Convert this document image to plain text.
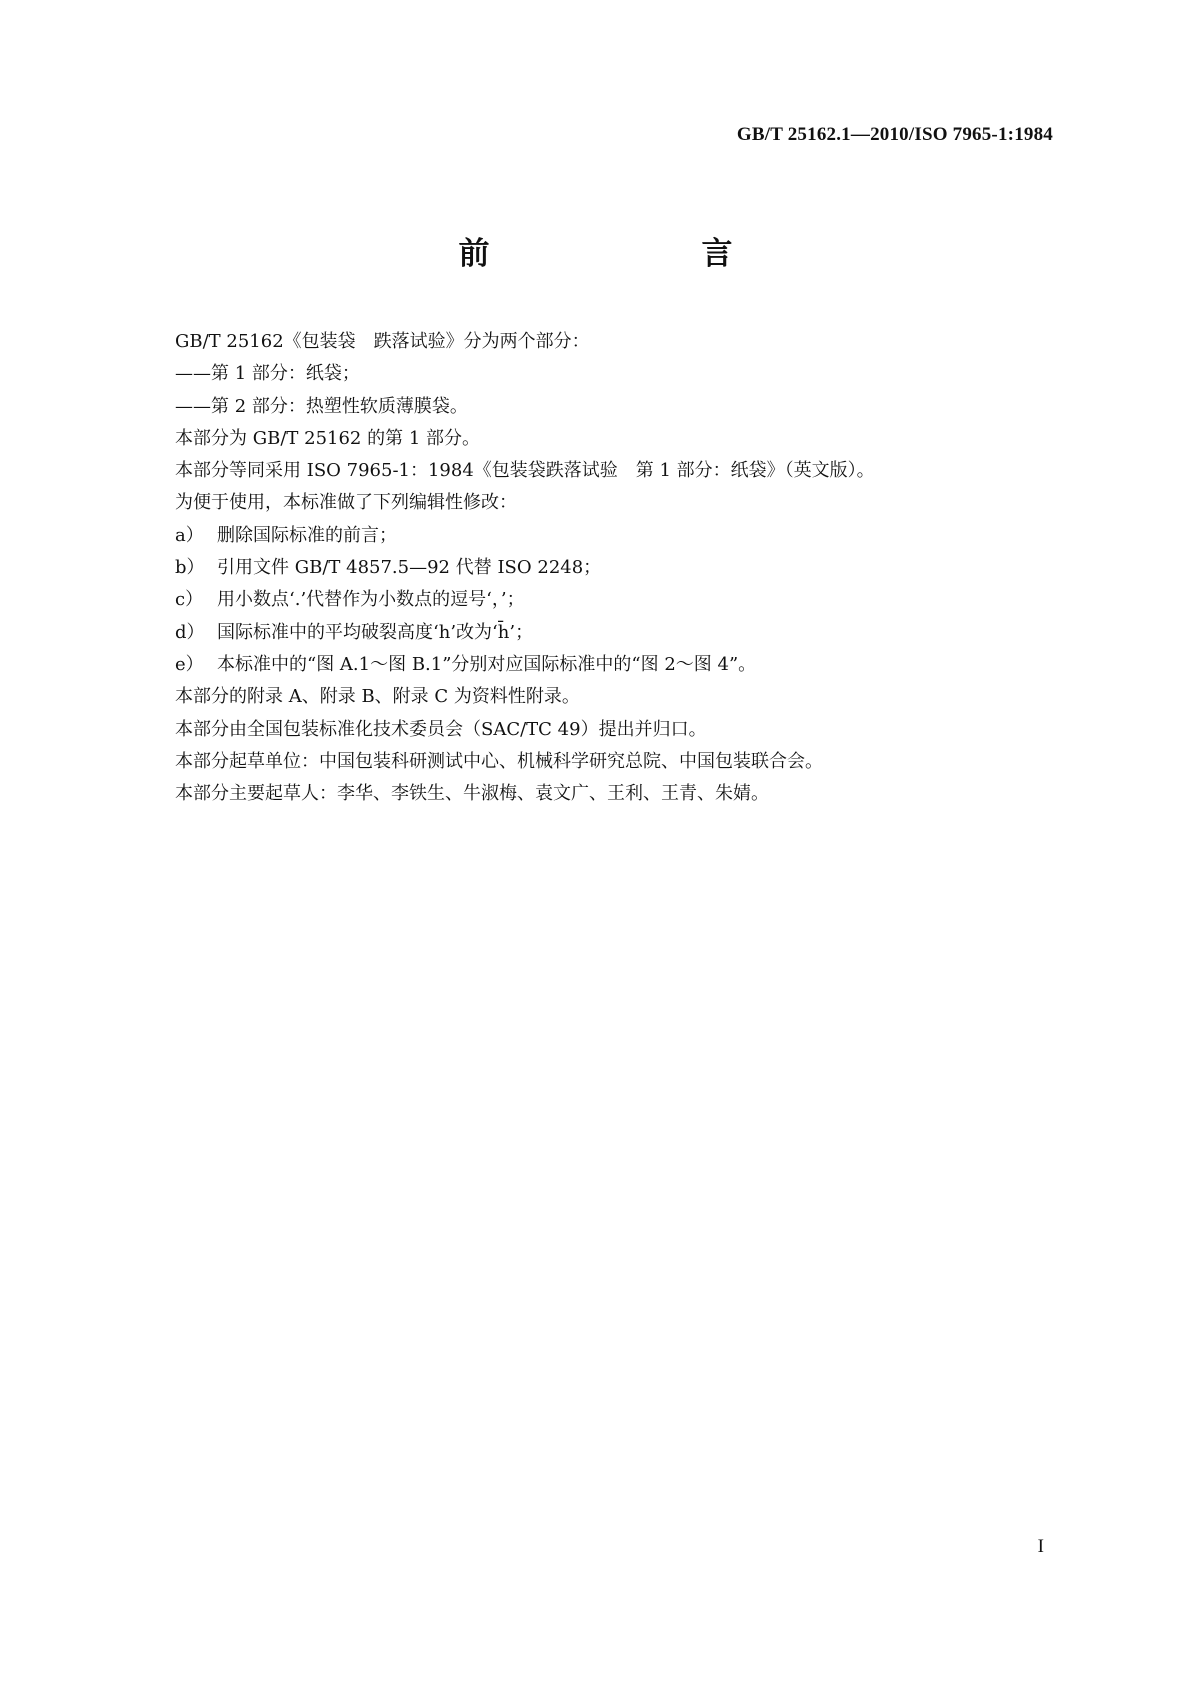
GB/T 25162.1—2010/ISO 7965-1:1984
前　　言
GB/T 25162《包装袋　跌落试验》分为两个部分：
——第 1 部分：纸袋；
——第 2 部分：热塑性软质薄膜袋。
本部分为 GB/T 25162 的第 1 部分。
本部分等同采用 ISO 7965-1：1984《包装袋跌落试验　第 1 部分：纸袋》（英文版）。
为便于使用，本标准做了下列编辑性修改：
a） 删除国际标准的前言；
b） 引用文件 GB/T 4857.5—92 代替 ISO 2248；
c） 用小数点‘.’代替作为小数点的逗号‘，’；
d） 国际标准中的平均破裂高度‘h’改为‘h̄’；
e） 本标准中的“图 A.1～图 B.1”分别对应国际标准中的“图 2～图 4”。
本部分的附录 A、附录 B、附录 C 为资料性附录。
本部分由全国包装标准化技术委员会（SAC/TC 49）提出并归口。
本部分起草单位：中国包装科研测试中心、机械科学研究总院、中国包装联合会。
本部分主要起草人：李华、李铁生、牛淑梅、袁文广、王利、王青、朱婧。
I
